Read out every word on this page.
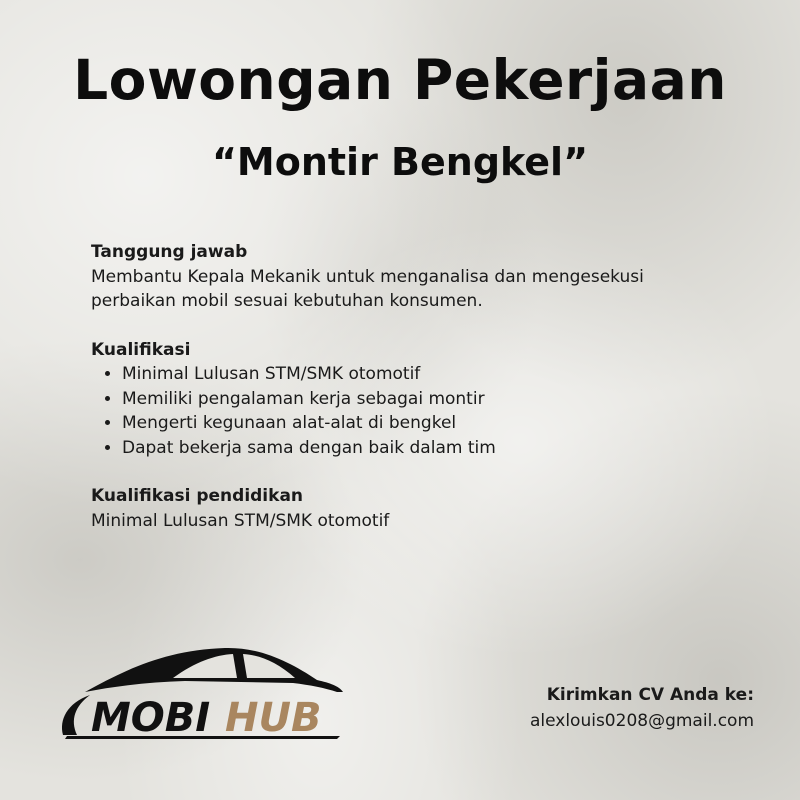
Lowongan Pekerjaan
“Montir Bengkel”

Tanggung jawab

Membantu Kepala Mekanik untuk menganalisa dan mengesekusi perbaikan mobil sesuai kebutuhan konsumen.

Kualifikasi

• Minimal Lulusan STM/SMK otomotif
• Memiliki pengalaman kerja sebagai montir
• Mengerti kegunaan alat-alat di bengkel
• Dapat bekerja sama dengan baik dalam tim

Kualifikasi pendidikan

Minimal Lulusan STM/SMK otomotif

MOBI HUB	Kirimkan CV Anda ke:
alexlouis0208@gmail.com
